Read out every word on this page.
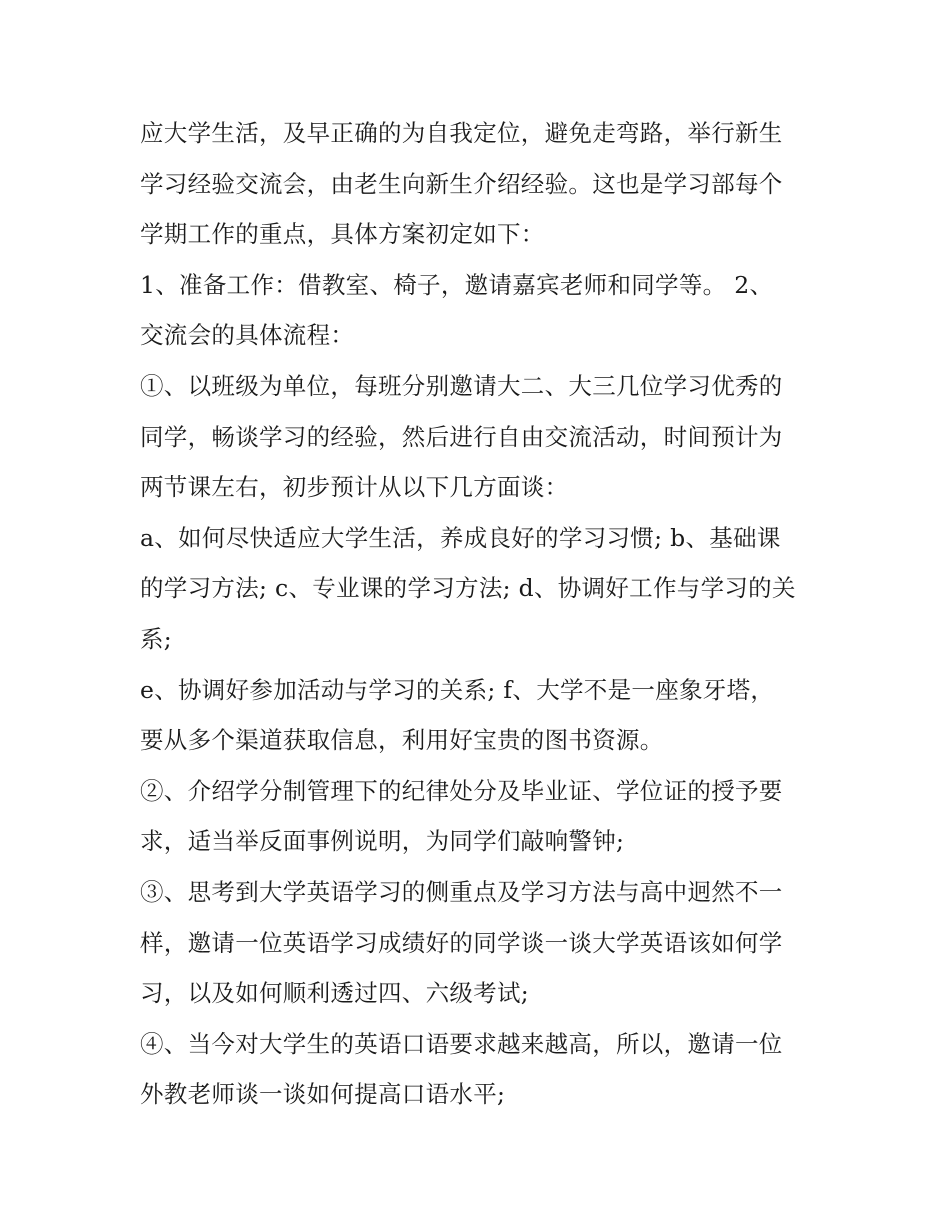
应大学生活，及早正确的为自我定位，避免走弯路，举行新生
学习经验交流会，由老生向新生介绍经验。这也是学习部每个
学期工作的重点，具体方案初定如下：
1、准备工作：借教室、椅子，邀请嘉宾老师和同学等。 2、
交流会的具体流程：
①、以班级为单位，每班分别邀请大二、大三几位学习优秀的
同学，畅谈学习的经验，然后进行自由交流活动，时间预计为
两节课左右，初步预计从以下几方面谈：
a、如何尽快适应大学生活，养成良好的学习习惯; b、基础课
的学习方法; c、专业课的学习方法; d、协调好工作与学习的关
系;
e、协调好参加活动与学习的关系; f、大学不是一座象牙塔，
要从多个渠道获取信息，利用好宝贵的图书资源。
②、介绍学分制管理下的纪律处分及毕业证、学位证的授予要
求，适当举反面事例说明，为同学们敲响警钟;
③、思考到大学英语学习的侧重点及学习方法与高中迥然不一
样，邀请一位英语学习成绩好的同学谈一谈大学英语该如何学
习，以及如何顺利透过四、六级考试;
④、当今对大学生的英语口语要求越来越高，所以，邀请一位
外教老师谈一谈如何提高口语水平;
